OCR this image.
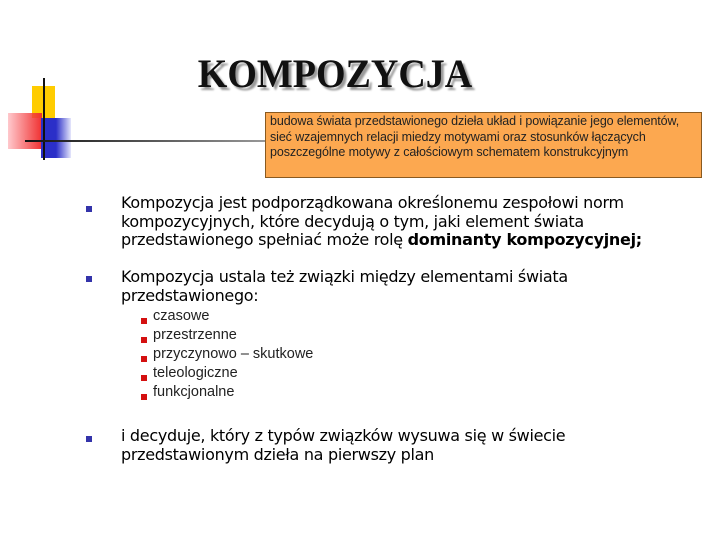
KOMPOZYCJA
budowa świata przedstawionego dzieła układ i powiązanie jego elementów, sieć wzajemnych relacji miedzy motywami oraz stosunków łączących poszczególne motywy z całościowym schematem konstrukcyjnym
Kompozycja jest podporządkowana określonemu zespołowi norm kompozycyjnych, które decydują o tym, jaki element świata przedstawionego spełniać może rolę dominanty kompozycyjnej;
Kompozycja ustala też związki między elementami świata przedstawionego:
czasowe
przestrzenne
przyczynowo – skutkowe
teleologiczne
funkcjonalne
i decyduje, który z typów związków wysuwa się w świecie przedstawionym dzieła na pierwszy plan
